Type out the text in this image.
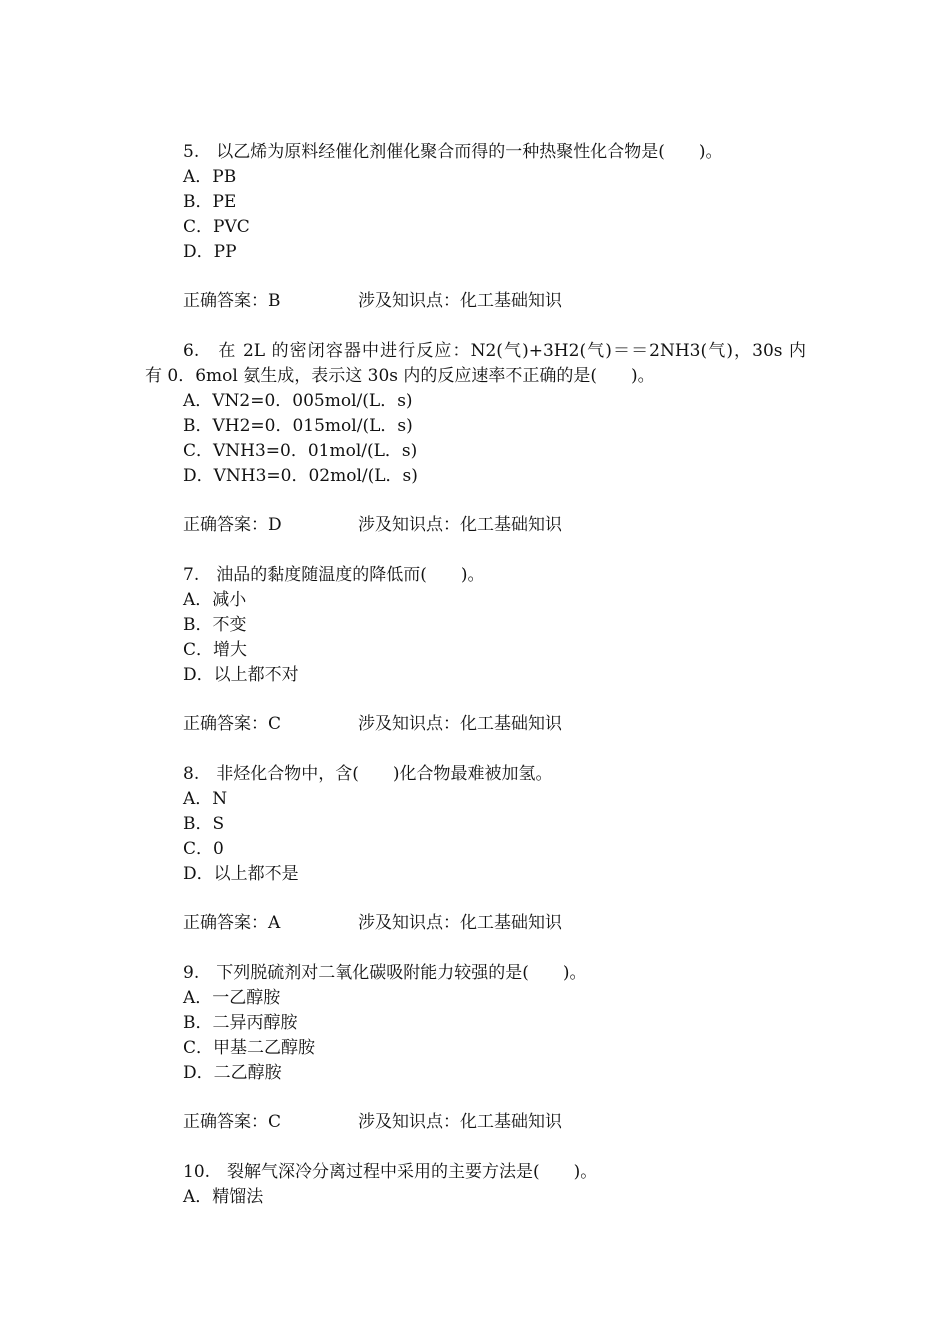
5.　以乙烯为原料经催化剂催化聚合而得的一种热聚性化合物是(　　)。
A．PB
B．PE
C．PVC
D．PP
正确答案：B	涉及知识点：化工基础知识
6.　在 2L 的密闭容器中进行反应：N2(气)+3H2(气)＝＝2NH3(气)，30s 内
有 0．6mol 氨生成，表示这 30s 内的反应速率不正确的是(　　)。
A．VN2=0．005mol/(L．s)
B．VH2=0．015mol/(L．s)
C．VNH3=0．01mol/(L．s)
D．VNH3=0．02mol/(L．s)
正确答案：D	涉及知识点：化工基础知识
7.　油品的黏度随温度的降低而(　　)。
A．减小
B．不变
C．增大
D．以上都不对
正确答案：C	涉及知识点：化工基础知识
8.　非烃化合物中，含(　　)化合物最难被加氢。
A．N
B．S
C．0
D．以上都不是
正确答案：A	涉及知识点：化工基础知识
9.　下列脱硫剂对二氧化碳吸附能力较强的是(　　)。
A．一乙醇胺
B．二异丙醇胺
C．甲基二乙醇胺
D．二乙醇胺
正确答案：C	涉及知识点：化工基础知识
10.　裂解气深冷分离过程中采用的主要方法是(　　)。
A．精馏法
